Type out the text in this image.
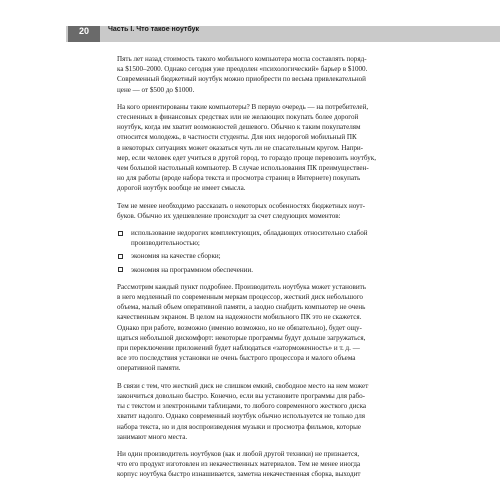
20	Часть I. Что такое ноутбук

Пять лет назад стоимость такого мобильного компьютера могла составлять поряд-
ка $1500–2000. Однако сегодня уже преодолен «психологический» барьер в $1000.
Современный бюджетный ноутбук можно приобрести по весьма привлекательной
цене — от $500 до $1000.

На кого ориентированы такие компьютеры? В первую очередь — на потребителей,
стесненных в финансовых средствах или не желающих покупать более дорогой
ноутбук, когда им хватит возможностей дешевого. Обычно к таким покупателям
относится молодежь, в частности студенты. Для них недорогой мобильный ПК
в некоторых ситуациях может оказаться чуть ли не спасательным кругом. Напри-
мер, если человек едет учиться в другой город, то гораздо проще перевозить ноутбук,
чем большой настольный компьютер. В случае использования ПК преимуществен-
но для работы (вроде набора текста и просмотра страниц в Интернете) покупать
дорогой ноутбук вообще не имеет смысла.

Тем не менее необходимо рассказать о некоторых особенностях бюджетных ноут-
буков. Обычно их удешевление происходит за счет следующих моментов:

использование недорогих комплектующих, обладающих относительно слабой
производительностью;
экономия на качестве сборки;
экономия на программном обеспечении.

Рассмотрим каждый пункт подробнее. Производитель ноутбука может установить
в него медленный по современным меркам процессор, жесткий диск небольшого
объема, малый объем оперативной памяти, а заодно снабдить компьютер не очень
качественным экраном. В целом на надежности мобильного ПК это не скажется.
Однако при работе, возможно (именно возможно, но не обязательно), будет ощу-
щаться небольшой дискомфорт: некоторые программы будут дольше загружаться,
при переключении приложений будет наблюдаться «заторможенность» и т. д. —
все это последствия установки не очень быстрого процессора и малого объема
оперативной памяти.

В связи с тем, что жесткий диск не слишком емкий, свободное место на нем может
закончиться довольно быстро. Конечно, если вы установите программы для рабо-
ты с текстом и электронными таблицами, то любого современного жесткого диска
хватит надолго. Однако современный ноутбук обычно используется не только для
набора текста, но и для воспроизведения музыки и просмотра фильмов, которые
занимают много места.

Ни один производитель ноутбуков (как и любой другой техники) не признается,
что его продукт изготовлен из некачественных материалов. Тем не менее иногда
корпус ноутбука быстро изнашивается, заметна некачественная сборка, выходит
